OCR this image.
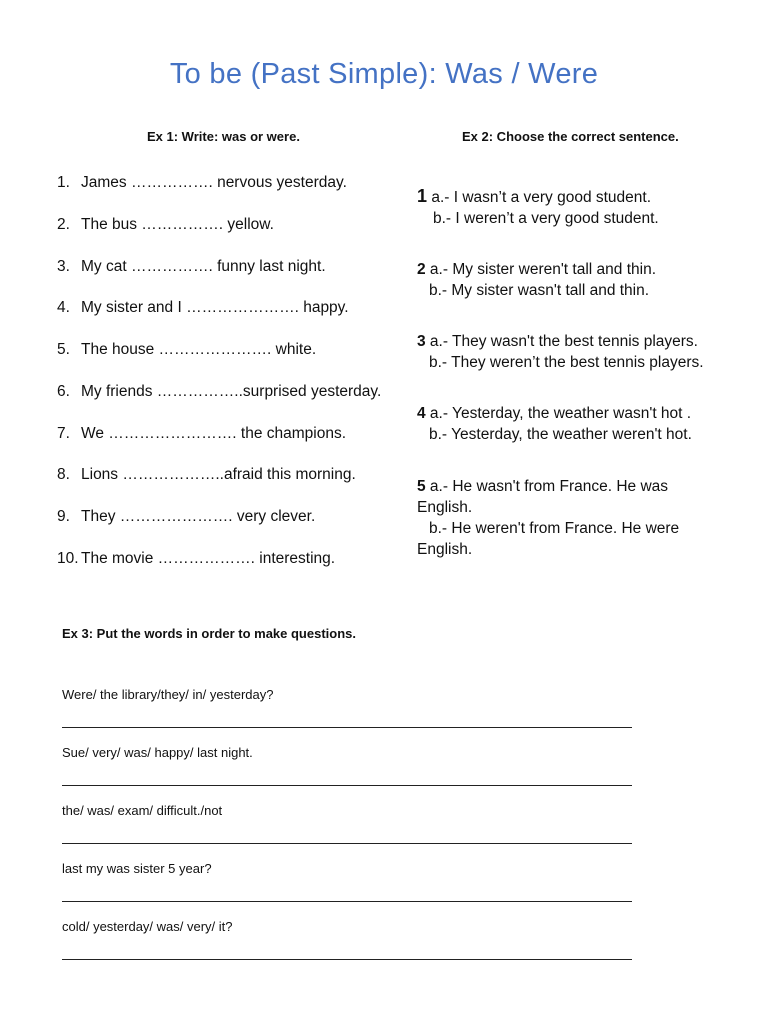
To be (Past Simple): Was / Were
Ex 1: Write: was or were.	Ex 2: Choose the correct sentence.
1. James ……………. nervous yesterday.
2. The bus ……………. yellow.
3. My cat ……………. funny last night.
4. My sister and I …………………. happy.
5. The house …………………. white.
6. My friends ……………..surprised yesterday.
7. We ……………………. the champions.
8. Lions ………………..afraid this morning.
9. They …………………. very clever.
10. The movie ………………. interesting.
1 a.- I wasn’t a very good student.
b.- I weren’t a very good student.
2 a.- My sister weren't tall and thin.
b.- My sister wasn't tall and thin.
3 a.- They wasn't the best tennis players.
b.- They weren’t the best tennis players.
4 a.- Yesterday, the weather wasn't hot .
b.- Yesterday, the weather weren't hot.
5 a.- He wasn't from France. He was English.
b.- He weren't from France. He were English.
Ex 3: Put the words in order to make questions.
Were/ the library/they/ in/ yesterday?
Sue/ very/ was/ happy/ last night.
the/ was/ exam/ difficult./not
last my was sister 5 year?
cold/ yesterday/ was/ very/ it?
